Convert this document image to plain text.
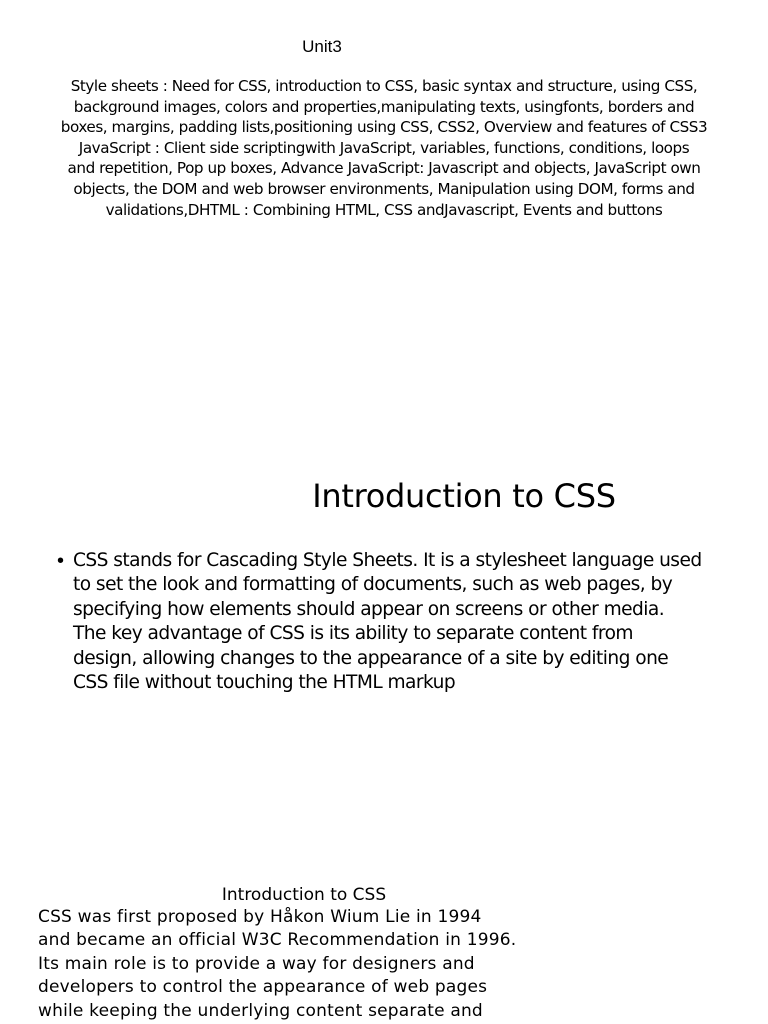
Unit3
Style sheets : Need for CSS, introduction to CSS, basic syntax and structure, using CSS,
background images, colors and properties,manipulating texts, usingfonts, borders and
boxes, margins, padding lists,positioning using CSS, CSS2, Overview and features of CSS3
JavaScript : Client side scriptingwith JavaScript, variables, functions, conditions, loops
and repetition, Pop up boxes, Advance JavaScript: Javascript and objects, JavaScript own
objects, the DOM and web browser environments, Manipulation using DOM, forms and
validations,DHTML : Combining HTML, CSS andJavascript, Events and buttons
Introduction to CSS
• CSS stands for Cascading Style Sheets. It is a stylesheet language used
to set the look and formatting of documents, such as web pages, by
specifying how elements should appear on screens or other media.
The key advantage of CSS is its ability to separate content from
design, allowing changes to the appearance of a site by editing one
CSS file without touching the HTML markup
Introduction to CSS
CSS was first proposed by Håkon Wium Lie in 1994
and became an official W3C Recommendation in 1996.
Its main role is to provide a way for designers and
developers to control the appearance of web pages
while keeping the underlying content separate and
